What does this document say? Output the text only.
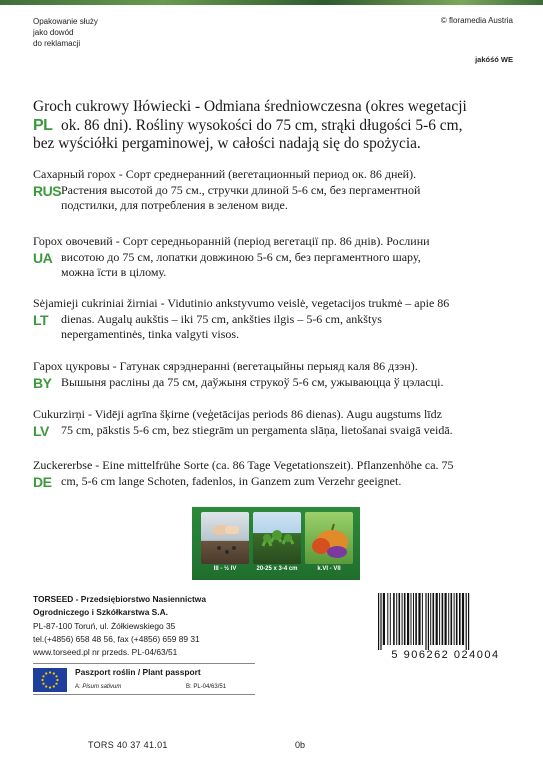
Opakowanie służy
jako dowód
do reklamacji
© floramedia Austria
jakóśó WE
PL
Groch cukrowy Iłówiecki - Odmiana średniowczesna (okres wegetacji
ok. 86 dni). Rośliny wysokości do 75 cm, strąki długości 5-6 cm,
bez wyściółki pergaminowej, w całości nadają się do spożycia.
RUS
Сахарный горох - Сорт среднеранний (вегетационный период ок. 86 дней).
Растения высотой до 75 см., стручки длиной 5-6 см, без пергаментной
подстилки, для потребления в зеленом виде.
UA
Горох овочевий - Сорт середньоранній (період вегетації пр. 86 днів). Рослини
висотою до 75 см, лопатки довжиною 5-6 см, без пергаментного шару,
можна їсти в цілому.
LT
Sėjamieji cukriniai žirniai - Vidutinio ankstyvumo veislė, vegetacijos trukmė – apie 86
dienas. Augalų aukštis – iki 75 cm, ankšties ilgis – 5-6 cm, ankštys
nepergamentinės, tinka valgyti visos.
BY
Гарох цукровы - Гатунак сярэднеранні (вегетацыйны перыяд каля 86 дзэн).
Вышыня расліны да 75 см, даўжыня струкоў 5-6 см, ужываюцца ў цэласці.
LV
Cukurzirņi - Vidēji agrīna šķirne (veģetācijas periods 86 dienas). Augu augstums līdz
75 cm, pākstis 5-6 cm, bez stiegrām un pergamenta slāņa, lietošanai svaigā veidā.
DE
Zuckererbse - Eine mittelfrühe Sorte (ca. 86 Tage Vegetationszeit). Pflanzenhöhe ca. 75
cm, 5-6 cm lange Schoten, fadenlos, in Ganzem zum Verzehr geeignet.
III - ½ IV	20-25 x 3-4 cm	k.VI - VII
TORSEED - Przedsiębiorstwo Nasiennictwa
Ogrodniczego i Szkółkarstwa S.A.
PL-87-100 Toruń, ul. Żółkiewskiego 35
tel.(+4856) 658 48 56, fax (+4856) 659 89 31
www.torseed.pl nr przeds. PL-04/63/51	5 906262 024004
Paszport roślin / Plant passport
A: Pisum sativum	B: PL-04/63/51
TORS 40 37 41.01	0b
